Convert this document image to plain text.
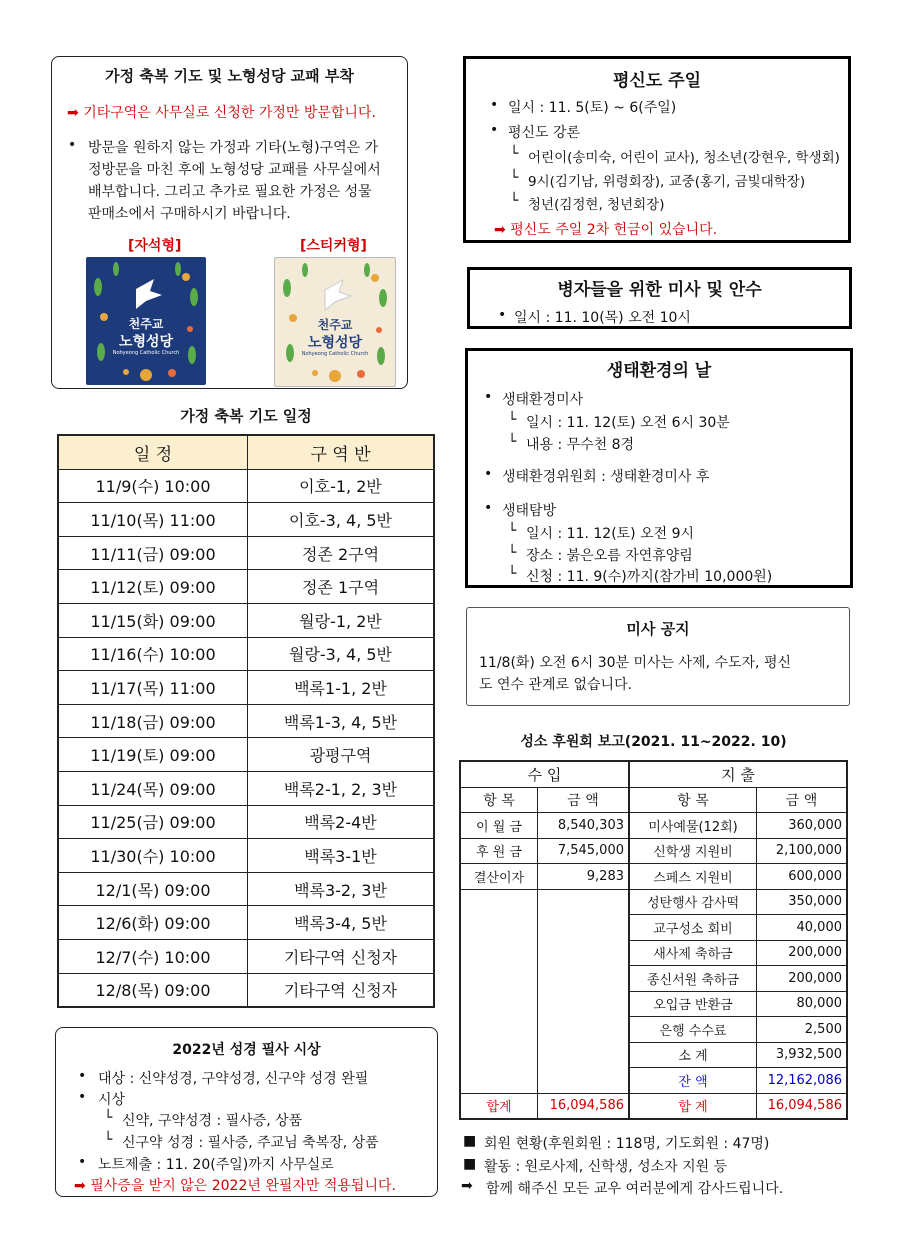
가정 축복 기도 및 노형성당 교패 부착
➡ 기타구역은 사무실로 신청한 가정만 방문합니다.
• 방문을 원하지 않는 가정과 기타(노형)구역은 가
정방문을 마친 후에 노형성당 교패를 사무실에서
배부합니다. 그리고 추가로 필요한 가정은 성물
판매소에서 구매하시기 바랍니다.
[자석형]	[스티커형]
천주교
노형성당
Nohyeong Catholic Church
천주교
노형성당
Nohyeong Catholic Church
가정 축복 기도 일정
일 정	구 역 반
11/9(수) 10:00	이호-1, 2반
11/10(목) 11:00	이호-3, 4, 5반
11/11(금) 09:00	정존 2구역
11/12(토) 09:00	정존 1구역
11/15(화) 09:00	월랑-1, 2반
11/16(수) 10:00	월랑-3, 4, 5반
11/17(목) 11:00	백록1-1, 2반
11/18(금) 09:00	백록1-3, 4, 5반
11/19(토) 09:00	광평구역
11/24(목) 09:00	백록2-1, 2, 3반
11/25(금) 09:00	백록2-4반
11/30(수) 10:00	백록3-1반
12/1(목) 09:00	백록3-2, 3반
12/6(화) 09:00	백록3-4, 5반
12/7(수) 10:00	기타구역 신청자
12/8(목) 09:00	기타구역 신청자
2022년 성경 필사 시상
• 대상 : 신약성경, 구약성경, 신구약 성경 완필
• 시상
└ 신약, 구약성경 : 필사증, 상품
└ 신구약 성경 : 필사증, 주교님 축복장, 상품
• 노트제출 : 11. 20(주일)까지 사무실로
➡ 필사증을 받지 않은 2022년 완필자만 적용됩니다.
평신도 주일
• 일시 : 11. 5(토) ~ 6(주일)
• 평신도 강론
└ 어린이(송미숙, 어린이 교사), 청소년(강현우, 학생회)
└ 9시(김기남, 위령회장), 교중(홍기, 금빛대학장)
└ 청년(김정현, 청년회장)
➡ 평신도 주일 2차 헌금이 있습니다.
병자들을 위한 미사 및 안수
• 일시 : 11. 10(목) 오전 10시
생태환경의 날
• 생태환경미사
└ 일시 : 11. 12(토) 오전 6시 30분
└ 내용 : 무수천 8경
• 생태환경위원회 : 생태환경미사 후
• 생태탐방
└ 일시 : 11. 12(토) 오전 9시
└ 장소 : 붉은오름 자연휴양림
└ 신청 : 11. 9(수)까지(참가비 10,000원)
미사 공지
11/8(화) 오전 6시 30분 미사는 사제, 수도자, 평신
도 연수 관계로 없습니다.
성소 후원회 보고(2021. 11~2022. 10)
수 입		지 출	
항 목	금 액	항 목	금 액
이 월 금	8,540,303	미사예물(12회)	360,000
후 원 금	7,545,000	신학생 지원비	2,100,000
결산이자	9,283	스페스 지원비	600,000
		성탄행사 감사떡	350,000
		교구성소 회비	40,000
		새사제 축하금	200,000
		종신서원 축하금	200,000
		오입금 반환금	80,000
		은행 수수료	2,500
		소 계	3,932,500
		잔 액	12,162,086
합계	16,094,586	합 계	16,094,586
■ 회원 현황(후원회원 : 118명, 기도회원 : 47명)
■ 활동 : 원로사제, 신학생, 성소자 지원 등
➡ 함께 해주신 모든 교우 여러분에게 감사드립니다.
